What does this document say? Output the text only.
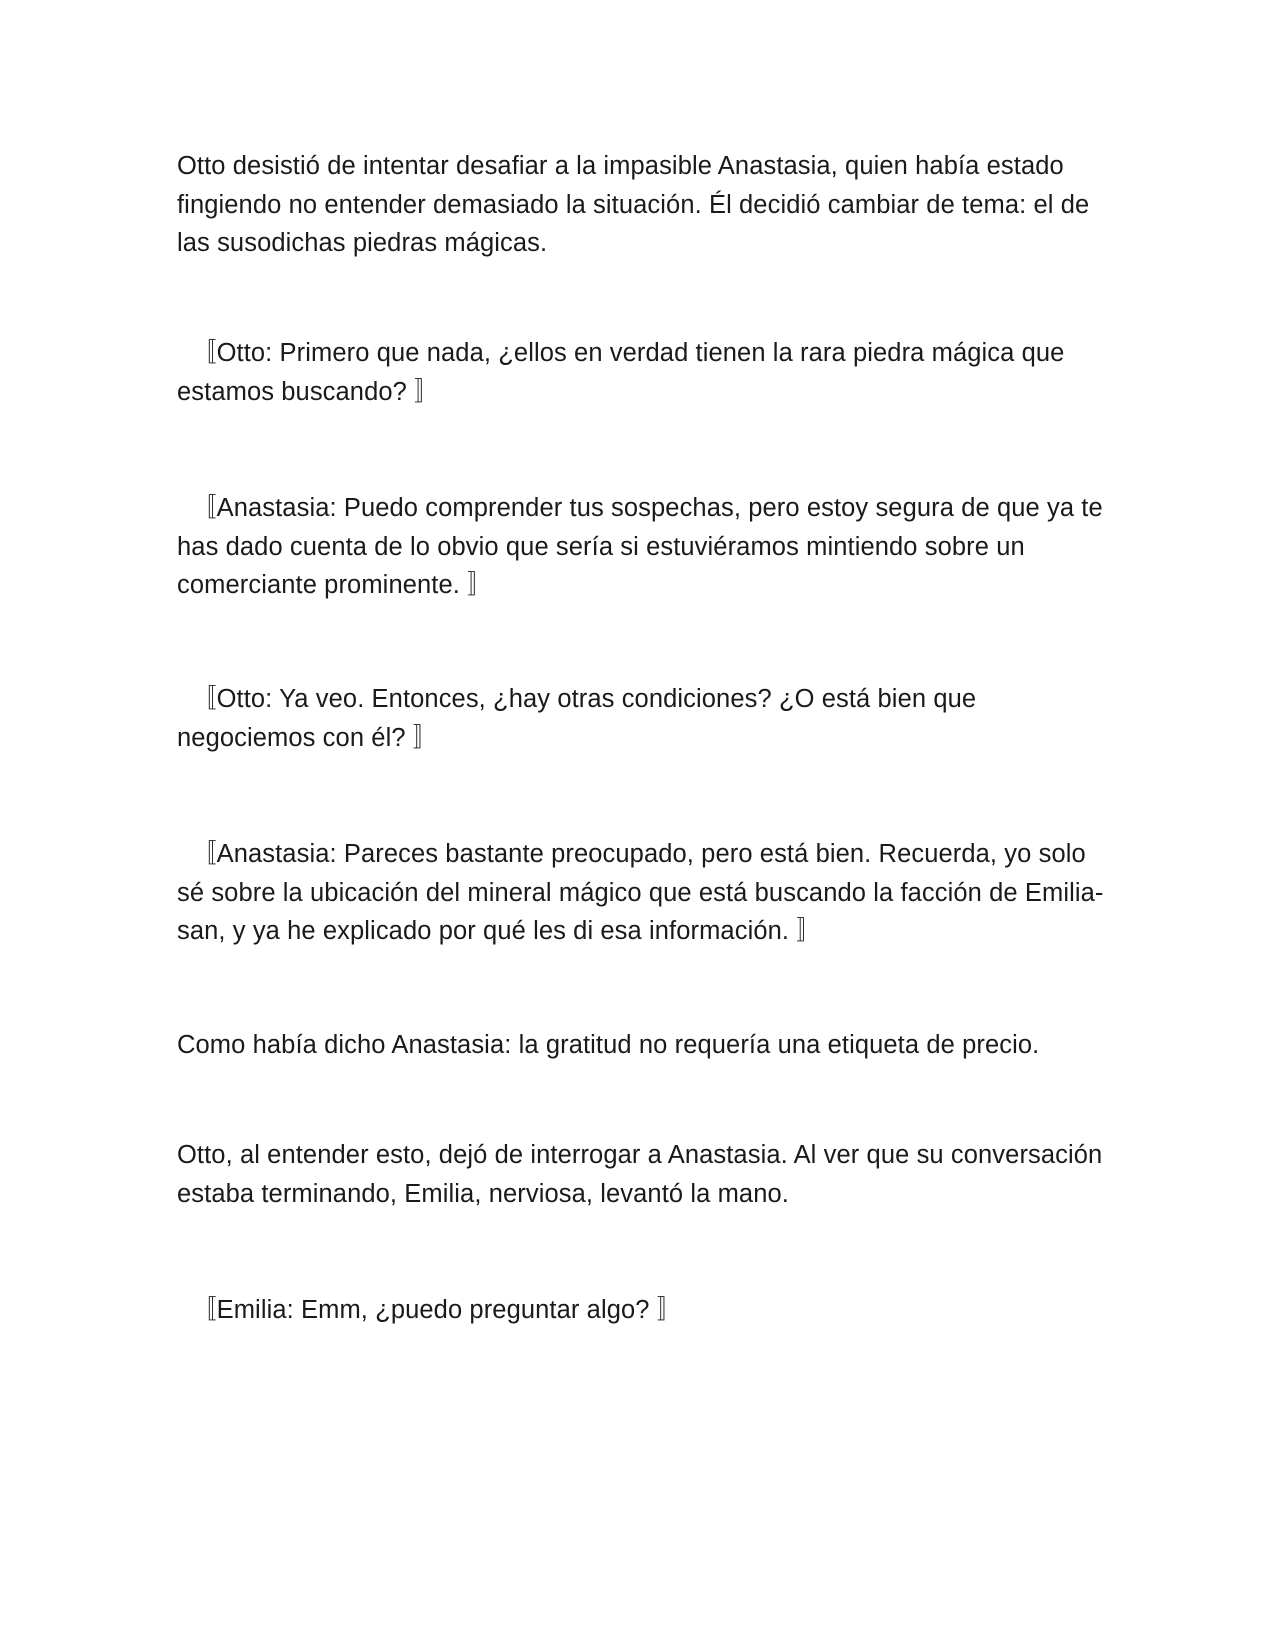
Otto desistió de intentar desafiar a la impasible Anastasia, quien había estado fingiendo no entender demasiado la situación. Él decidió cambiar de tema: el de las susodichas piedras mágicas.

〚Otto: Primero que nada, ¿ellos en verdad tienen la rara piedra mágica que estamos buscando? 〛

〚Anastasia: Puedo comprender tus sospechas, pero estoy segura de que ya te has dado cuenta de lo obvio que sería si estuviéramos mintiendo sobre un comerciante prominente. 〛

〚Otto: Ya veo. Entonces, ¿hay otras condiciones? ¿O está bien que negociemos con él? 〛

〚Anastasia: Pareces bastante preocupado, pero está bien. Recuerda, yo solo sé sobre la ubicación del mineral mágico que está buscando la facción de Emilia-san, y ya he explicado por qué les di esa información. 〛

Como había dicho Anastasia: la gratitud no requería una etiqueta de precio.

Otto, al entender esto, dejó de interrogar a Anastasia. Al ver que su conversación estaba terminando, Emilia, nerviosa, levantó la mano.

〚Emilia: Emm, ¿puedo preguntar algo? 〛
